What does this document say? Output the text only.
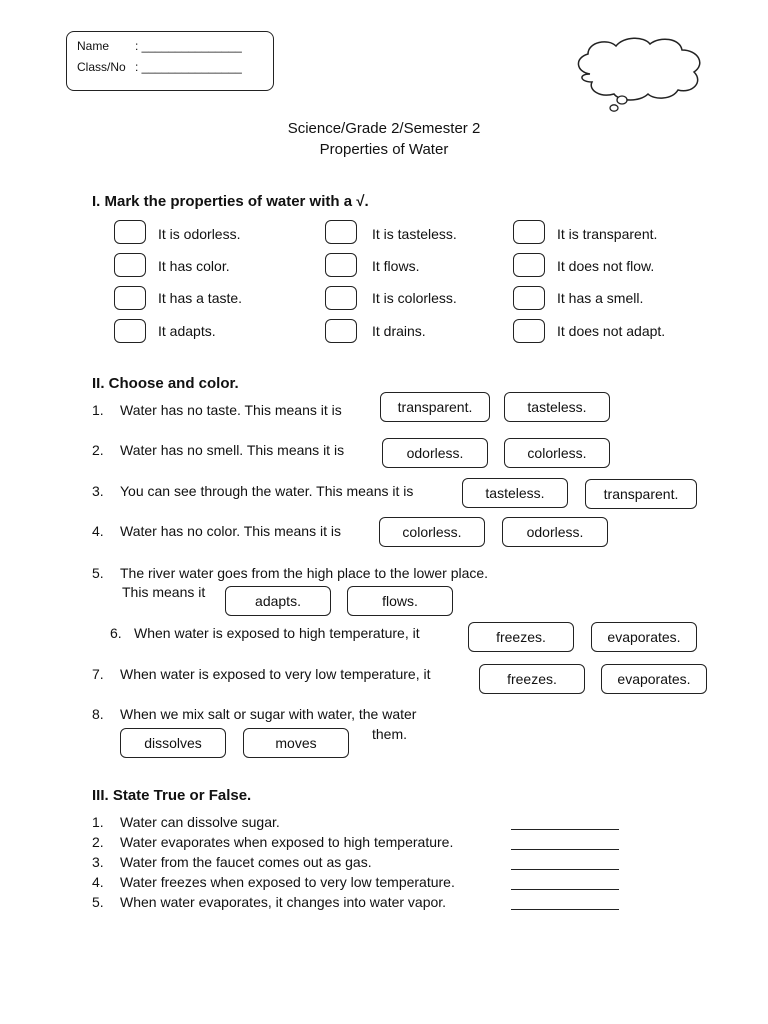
Name : _______________
Class/No : _______________
Science/Grade 2/Semester 2
Properties of Water
I. Mark the properties of water with a √.
It is odorless.	It is tasteless.	It is transparent.
It has color.	It flows.	It does not flow.
It has a taste.	It is colorless.	It has a smell.
It adapts.	It drains.	It does not adapt.
II. Choose and color.
1. Water has no taste. This means it is	transparent.	tasteless.
2. Water has no smell. This means it is	odorless.	colorless.
3. You can see through the water. This means it is	tasteless.	transparent.
4. Water has no color. This means it is	colorless.	odorless.
5. The river water goes from the high place to the lower place.
This means it
adapts.	flows.
6. When water is exposed to high temperature, it	freezes.	evaporates.
7. When water is exposed to very low temperature, it	freezes.	evaporates.
8. When we mix salt or sugar with water, the water
dissolves	moves
them.
III. State True or False.
1. Water can dissolve sugar.
2. Water evaporates when exposed to high temperature.
3. Water from the faucet comes out as gas.
4. Water freezes when exposed to very low temperature.
5. When water evaporates, it changes into water vapor.
